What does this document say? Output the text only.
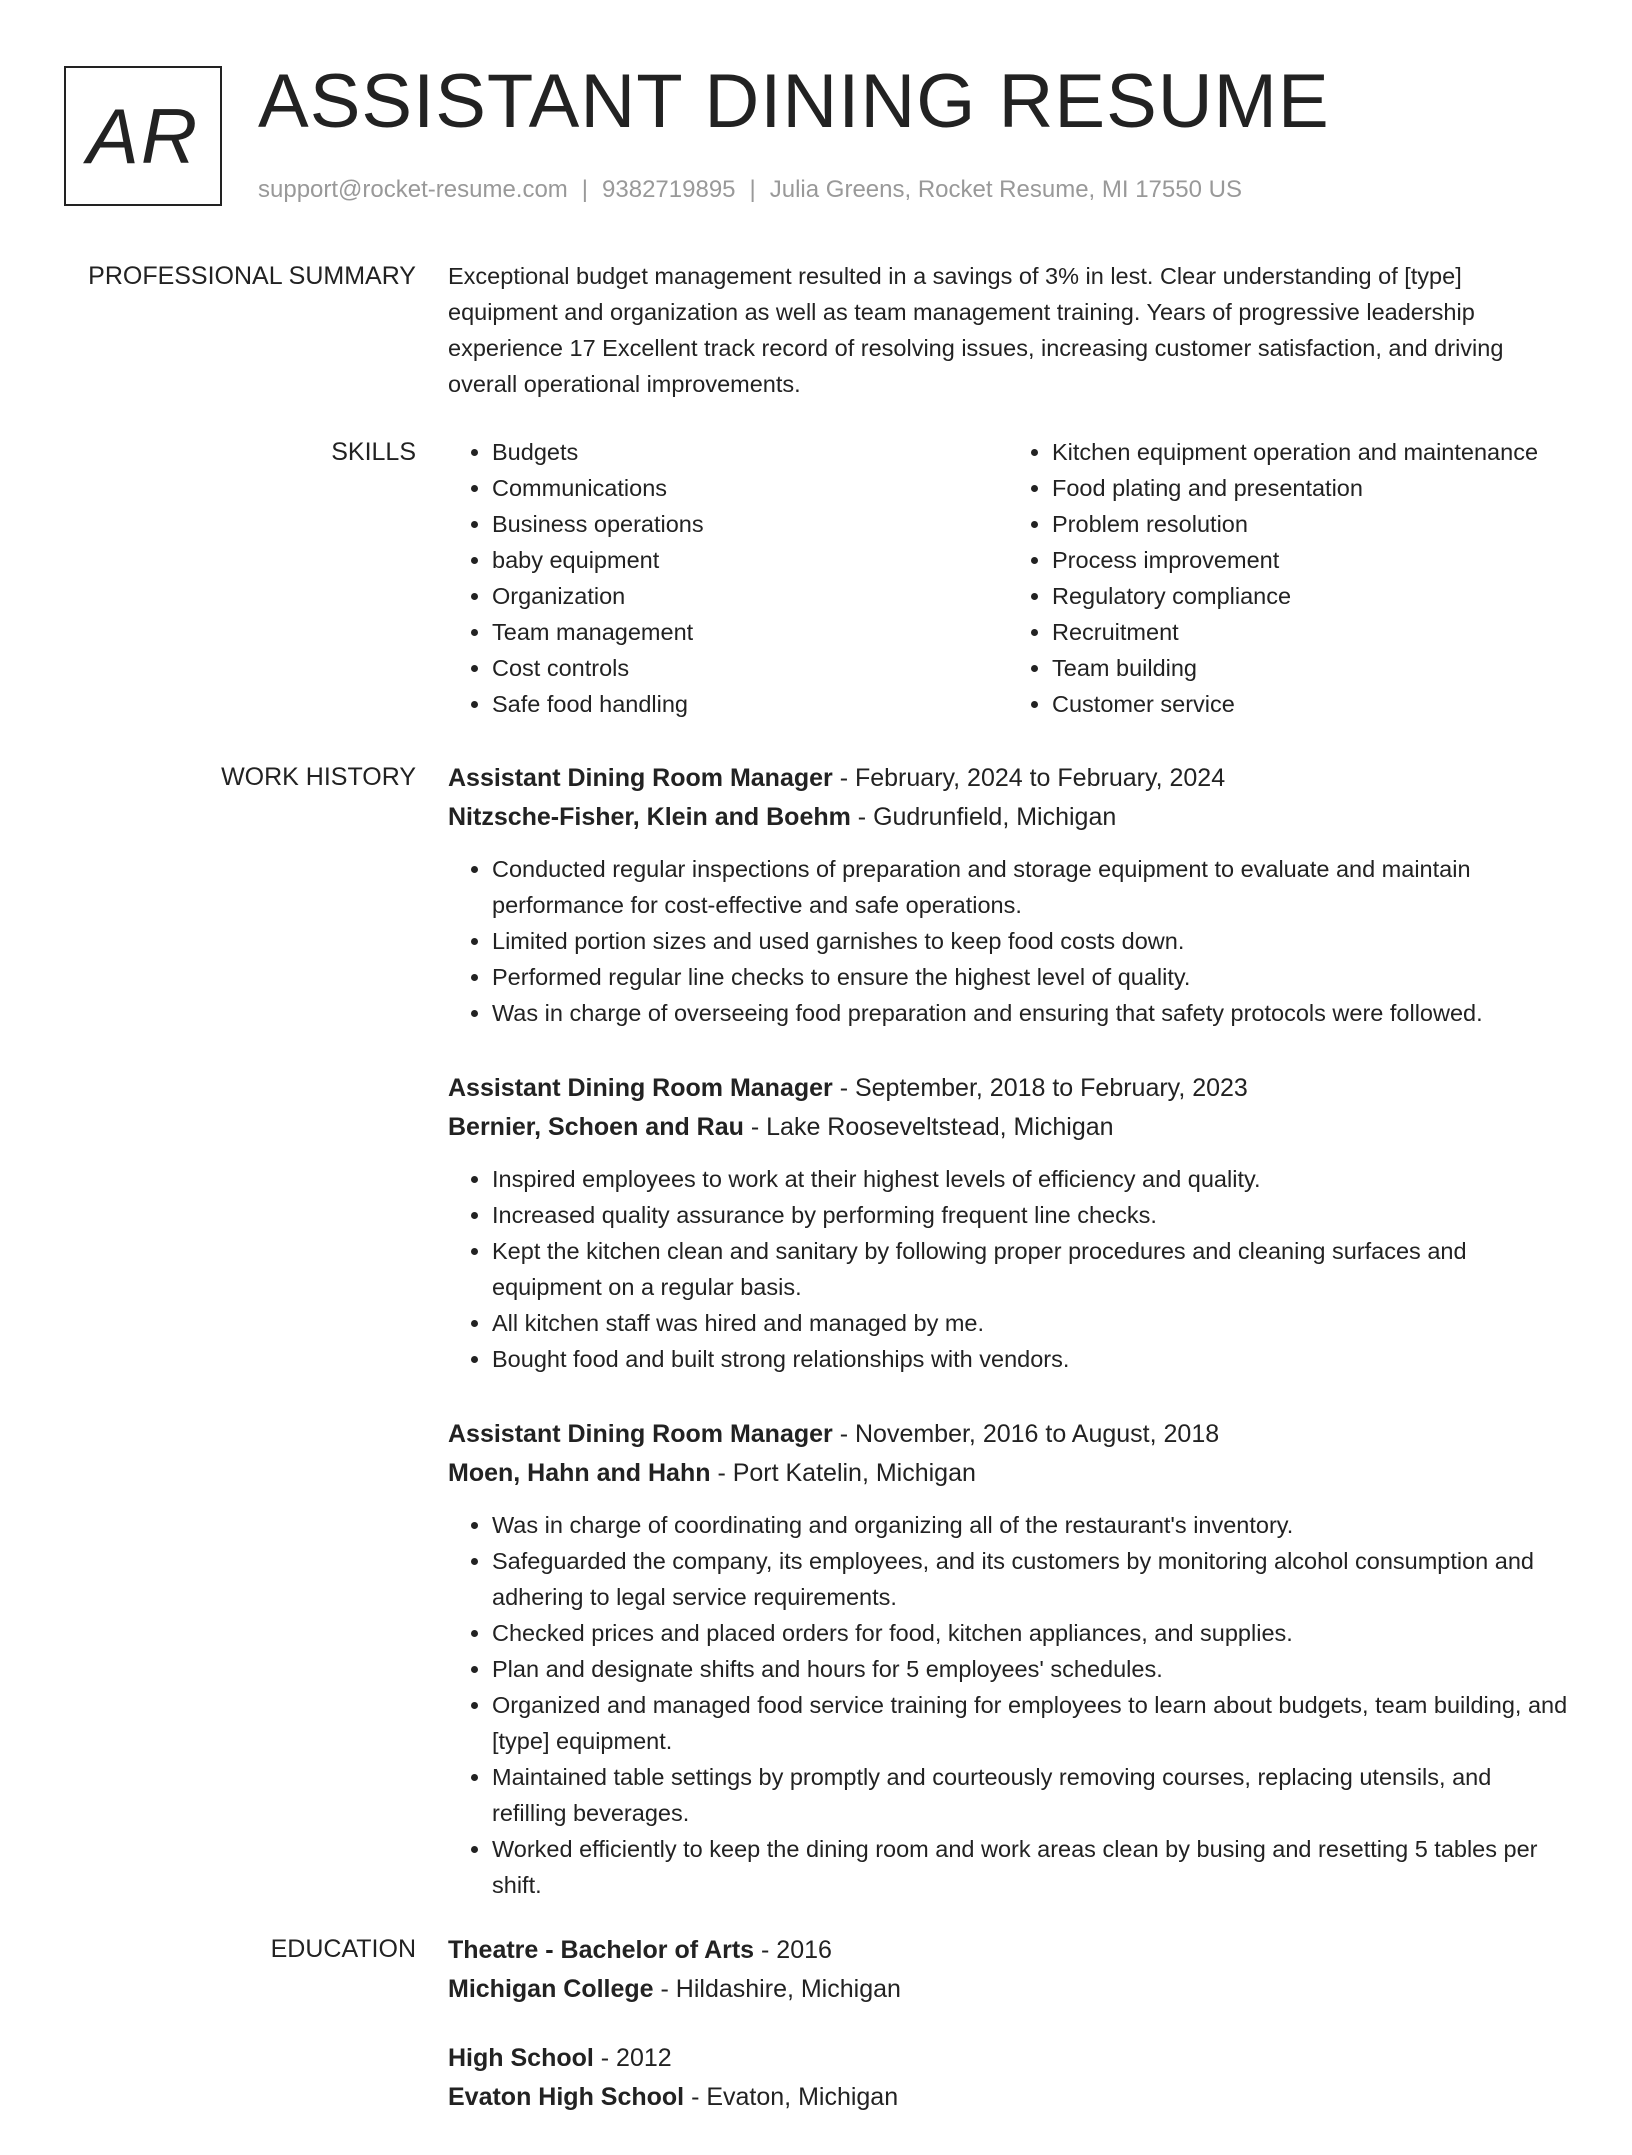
AR ASSISTANT DINING RESUME
support@rocket-resume.com | 9382719895 | Julia Greens, Rocket Resume, MI 17550 US
PROFESSIONAL SUMMARY Exceptional budget management resulted in a savings of 3% in lest. Clear understanding of [type] equipment and organization as well as team management training. Years of progressive leadership experience 17 Excellent track record of resolving issues, increasing customer satisfaction, and driving overall operational improvements.

SKILLS
•	Budgets
• Communications
• Business operations
• baby equipment
• Organization
• Team management
• Cost controls
• Safe food handling
• Kitchen equipment operation and maintenance
• Food plating and presentation
• Problem resolution
• Process improvement
• Regulatory compliance
• Recruitment
• Team building
• Customer service
WORK HISTORY Assistant Dining Room Manager - February, 2024 to February, 2024
Nitzsche-Fisher, Klein and Boehm - Gudrunfield, Michigan
• Conducted regular inspections of preparation and storage equipment to evaluate and maintain performance for cost-effective and safe operations.
• Limited portion sizes and used garnishes to keep food costs down.
• Performed regular line checks to ensure the highest level of quality.
• Was in charge of overseeing food preparation and ensuring that safety protocols were followed.
Assistant Dining Room Manager - September, 2018 to February, 2023
Bernier, Schoen and Rau - Lake Rooseveltstead, Michigan
• Inspired employees to work at their highest levels of efficiency and quality.
• Increased quality assurance by performing frequent line checks.
• Kept the kitchen clean and sanitary by following proper procedures and cleaning surfaces and equipment on a regular basis.
• All kitchen staff was hired and managed by me.
• Bought food and built strong relationships with vendors.
Assistant Dining Room Manager - November, 2016 to August, 2018
Moen, Hahn and Hahn - Port Katelin, Michigan
• Was in charge of coordinating and organizing all of the restaurant's inventory.
• Safeguarded the company, its employees, and its customers by monitoring alcohol consumption and adhering to legal service requirements.
• Checked prices and placed orders for food, kitchen appliances, and supplies.
• Plan and designate shifts and hours for 5 employees' schedules.
• Organized and managed food service training for employees to learn about budgets, team building, and [type] equipment.
• Maintained table settings by promptly and courteously removing courses, replacing utensils, and refilling beverages.
• Worked efficiently to keep the dining room and work areas clean by busing and resetting 5 tables per shift.
EDUCATION Theatre - Bachelor of Arts - 2016
Michigan College - Hildashire, Michigan
High School - 2012
Evaton High School - Evaton, Michigan
